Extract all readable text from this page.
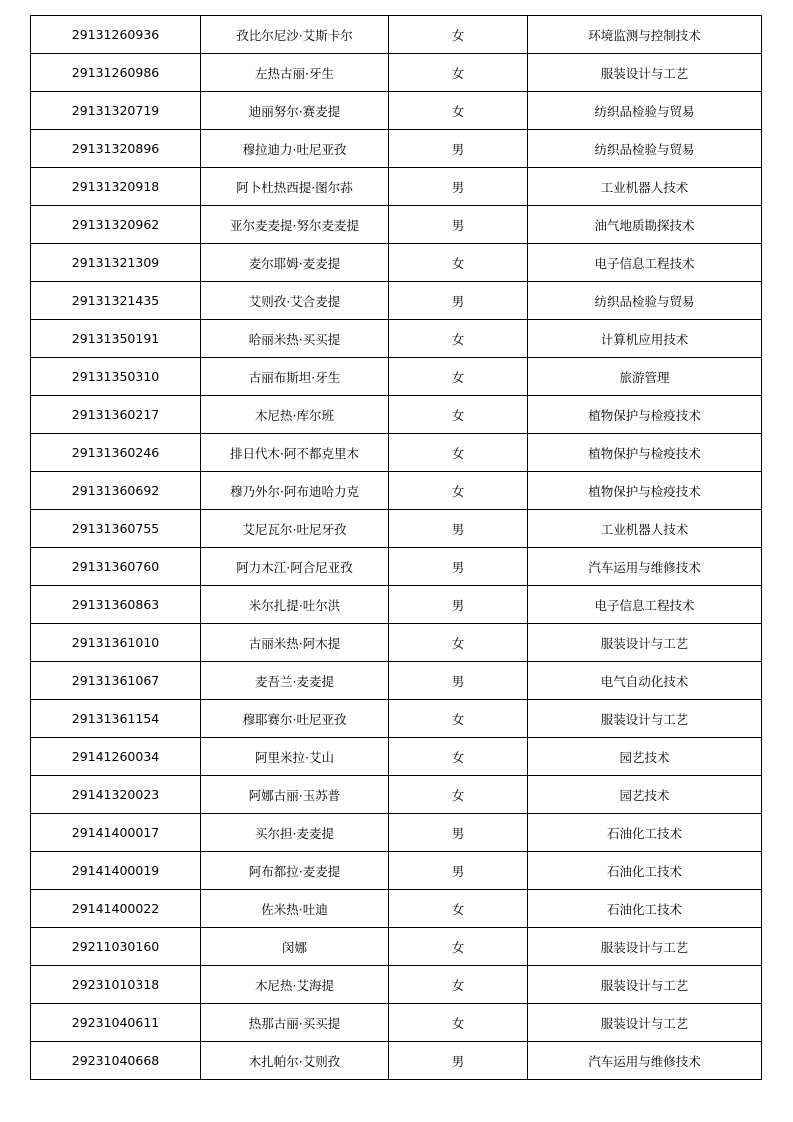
29131260936	孜比尔尼沙·艾斯卡尔	女	环境监测与控制技术
29131260986	左热古丽·牙生	女	服装设计与工艺
29131320719	迪丽努尔·赛麦提	女	纺织品检验与贸易
29131320896	穆拉迪力·吐尼亚孜	男	纺织品检验与贸易
29131320918	阿卜杜热西提·图尔荪	男	工业机器人技术
29131320962	亚尔麦麦提·努尔麦麦提	男	油气地质勘探技术
29131321309	麦尔耶姆·麦麦提	女	电子信息工程技术
29131321435	艾则孜·艾合麦提	男	纺织品检验与贸易
29131350191	哈丽米热·买买提	女	计算机应用技术
29131350310	古丽布斯坦·牙生	女	旅游管理
29131360217	木尼热·库尔班	女	植物保护与检疫技术
29131360246	排日代木·阿不都克里木	女	植物保护与检疫技术
29131360692	穆乃外尔·阿布迪哈力克	女	植物保护与检疫技术
29131360755	艾尼瓦尔·吐尼牙孜	男	工业机器人技术
29131360760	阿力木江·阿合尼亚孜	男	汽车运用与维修技术
29131360863	米尔扎提·吐尔洪	男	电子信息工程技术
29131361010	古丽米热·阿木提	女	服装设计与工艺
29131361067	麦吾兰·麦麦提	男	电气自动化技术
29131361154	穆耶赛尔·吐尼亚孜	女	服装设计与工艺
29141260034	阿里米拉·艾山	女	园艺技术
29141320023	阿娜古丽·玉苏普	女	园艺技术
29141400017	买尔担·麦麦提	男	石油化工技术
29141400019	阿布都拉·麦麦提	男	石油化工技术
29141400022	佐米热·吐迪	女	石油化工技术
29211030160	闵娜	女	服装设计与工艺
29231010318	木尼热·艾海提	女	服装设计与工艺
29231040611	热那古丽·买买提	女	服装设计与工艺
29231040668	木扎帕尔·艾则孜	男	汽车运用与维修技术
